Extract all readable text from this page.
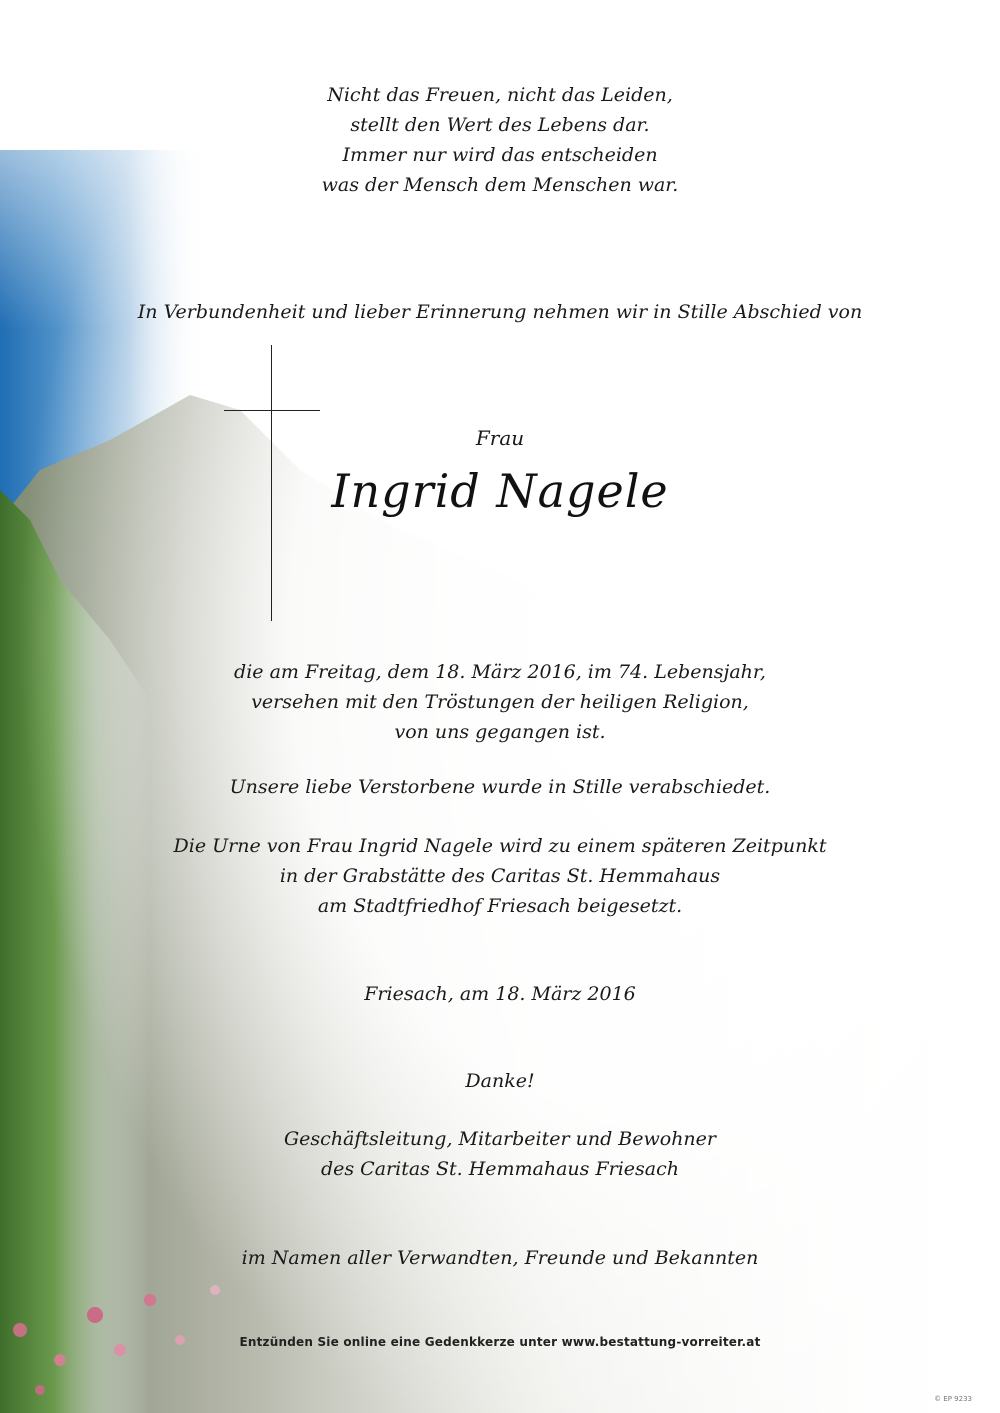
Nicht das Freuen, nicht das Leiden,
stellt den Wert des Lebens dar.
Immer nur wird das entscheiden
was der Mensch dem Menschen war.
In Verbundenheit und lieber Erinnerung nehmen wir in Stille Abschied von
Frau
Ingrid Nagele
die am Freitag, dem 18. März 2016, im 74. Lebensjahr,
versehen mit den Tröstungen der heiligen Religion,
von uns gegangen ist.
Unsere liebe Verstorbene wurde in Stille verabschiedet.
Die Urne von Frau Ingrid Nagele wird zu einem späteren Zeitpunkt
in der Grabstätte des Caritas St. Hemmahaus
am Stadtfriedhof Friesach beigesetzt.
Friesach, am 18. März 2016
Danke!
Geschäftsleitung, Mitarbeiter und Bewohner
des Caritas St. Hemmahaus Friesach
im Namen aller Verwandten, Freunde und Bekannten
Entzünden Sie online eine Gedenkkerze unter www.bestattung-vorreiter.at
© EP 9233
